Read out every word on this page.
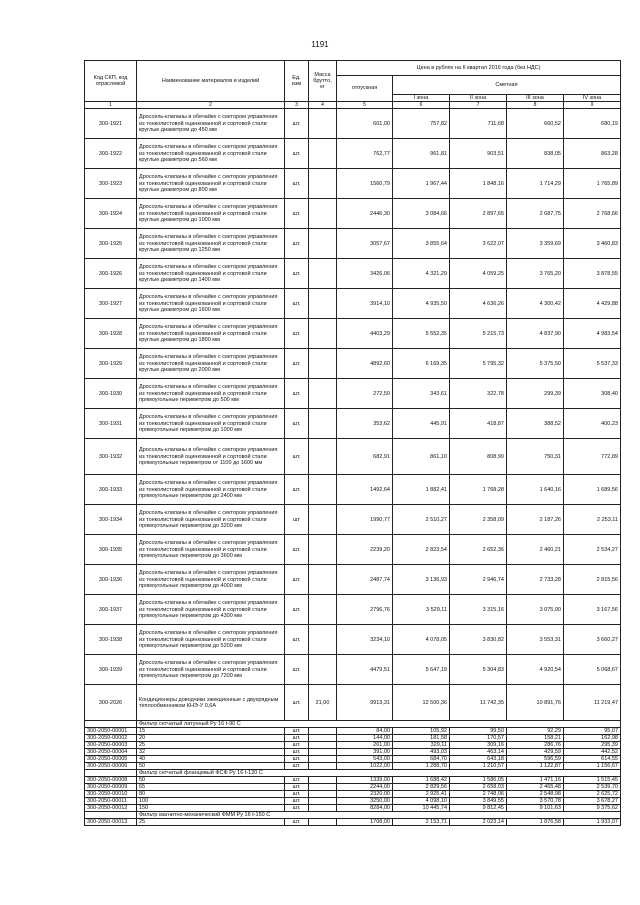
1191
Код СКП, код отраслевой	Наименование материалов и изделий	Ед. изм	Масса брутто, кг	Цена в рублях на II квартал 2016 года (без НДС)				
				отпускная	Сметная			
					I зона	II зона	III зона	IV зона
1	2	3	4	5	6	7	8	9
300-1921	Дроссель-клапаны в обечайке с сектором управления из тонколистовой оцинкованной и сортовой стали круглые диаметром до 450 мм	шт.		601,00	757,82	711,68	660,52	680,19
300-1922	Дроссель-клапаны в обечайке с сектором управления из тонколистовой оцинкованной и сортовой стали круглые диаметром до 560 мм	шт.		762,77	961,81	903,51	838,05	863,28
300-1923	Дроссель-клапаны в обечайке с сектором управления из тонколистовой оцинкованной и сортовой стали круглые диаметром до 800 мм	шт.		1560,79	1 967,44	1 848,16	1 714,29	1 765,89
300-1924	Дроссель-клапаны в обечайке с сектором управления из тонколистовой оцинкованной и сортовой стали круглые диаметром до 1000 мм	шт.		2446,30	3 084,66	2 897,65	2 687,75	2 768,66
300-1925	Дроссель-клапаны в обечайке с сектором управления из тонколистовой оцинкованной и сортовой стали круглые диаметром до 1250 мм	шт.		3057,67	3 855,64	3 622,07	3 359,69	3 460,83
300-1926	Дроссель-клапаны в обечайке с сектором управления из тонколистовой оцинкованной и сортовой стали круглые диаметром до 1400 мм	шт.		3426,06	4 321,29	4 059,25	3 765,20	3 878,55
300-1927	Дроссель-клапаны в обечайке с сектором управления из тонколистовой оцинкованной и сортовой стали круглые диаметром до 1600 мм	шт.		3914,10	4 935,50	4 636,26	4 300,42	4 429,88
300-1928	Дроссель-клапаны в обечайке с сектором управления из тонколистовой оцинкованной и сортовой стали круглые диаметром до 1800 мм	шт.		4403,29	5 552,35	5 215,73	4 837,90	4 983,54
300-1929	Дроссель-клапаны в обечайке с сектором управления из тонколистовой оцинкованной и сортовой стали круглые диаметром до 2000 мм	шт.		4892,60	6 169,35	5 795,32	5 375,50	5 537,33
300-1930	Дроссель-клапаны в обечайке с сектором управления из тонколистовой оцинкованной и сортовой стали прямоугольные периметром до 500 мм	шт.		272,50	343,61	322,78	299,39	308,40
300-1931	Дроссель-клапаны в обечайке с сектором управления из тонколистовой оцинкованной и сортовой стали прямоугольные периметром до 1000 мм	шт.		353,62	445,91	418,87	388,52	400,23
300-1932	Дроссель-клапаны в обечайке с сектором управления из тонколистовой оцинкованной и сортовой стали прямоугольные периметром от 1100 до 1600 мм	шт.		682,91	861,10	808,90	750,31	772,89
300-1933	Дроссель-клапаны в обечайке с сектором управления из тонколистовой оцинкованной и сортовой стали прямоугольные периметром до 2400 мм	шт.		1492,64	1 882,41	1 768,28	1 640,16	1 689,56
300-1934	Дроссель-клапаны в обечайке с сектором управления из тонколистовой оцинкованной и сортовой стали прямоугольные периметром до 3200 мм	шт		1990,77	2 510,27	2 358,09	2 187,26	2 253,11
300-1935	Дроссель-клапаны в обечайке с сектором управления из тонколистовой оцинкованной и сортовой стали прямоугольные периметром до 3600 мм	шт.		2239,20	2 823,54	2 652,36	2 460,21	2 534,27
300-1936	Дроссель-клапаны в обечайке с сектором управления из тонколистовой оцинкованной и сортовой стали прямоугольные периметром до 4000 мм	шт.		2487,74	3 136,93	2 946,74	2 733,28	2 815,56
300-1937	Дроссель-клапаны в обечайке с сектором управления из тонколистовой оцинкованной и сортовой стали прямоугольные периметром до 4300 мм	шт.		2796,76	3 529,11	3 315,16	3 075,00	3 167,56
300-1938	Дроссель-клапаны в обечайке с сектором управления из тонколистовой оцинкованной и сортовой стали прямоугольные периметром до 5200 мм	шт.		3234,10	4 078,05	3 830,82	3 553,31	3 660,27
300-1939	Дроссель-клапаны в обечайке с сектором управления из тонколистовой оцинкованной и сортовой стали прямоугольные периметром до 7200 мм	шт.		4479,51	5 647,19	5 304,83	4 920,54	5 068,67
300-2026	Кондиционеры доводчики эжекционные с двухрядным теплообменником КНЭ-У 0,6А	шт.	21,00	9913,31	12 500,36	11 742,35	10 891,76	11 219,47
	Фильтр сетчатый латунный Ру 16 t-90 С							
300-2050-00001	15	шт.		84,00	105,92	99,50	92,29	95,07
300-2050-00002	20	шт.		144,00	181,58	170,57	158,21	162,98
300-2050-00003	25	шт.		261,00	329,11	309,16	286,76	295,39
300-2050-00004	32	шт.		391,00	493,03	463,14	429,59	442,52
300-2050-00005	40	шт.		543,00	684,70	643,18	596,59	614,55
300-2050-00006	50	шт.		1022,00	1 288,70	1 210,57	1 122,87	1 156,67
	Фильтр сетчатый фланцевый ФСФ Ру 16 t-120 С							
300-2050-00008	50	шт.		1339,00	1 688,42	1 586,05	1 471,16	1 515,45
300-2050-00009	65	шт.		2244,00	2 829,56	2 658,03	2 465,48	2 539,70
300-2050-00010	80	шт.		2320,00	2 925,41	2 748,06	2 548,98	2 625,72
300-2050-00011	100	шт.		3250,00	4 098,10	3 849,55	3 570,78	3 678,27
300-2050-00012	150	шт.		8284,00	10 445,74	9 812,45	9 101,63	9 375,62
	Фильтр магнитно-механический ФММ Ру 16 t-150 С							
300-2050-00013	25	шт.		1708,00	2 153,71	2 023,14	1 876,58	1 933,07
